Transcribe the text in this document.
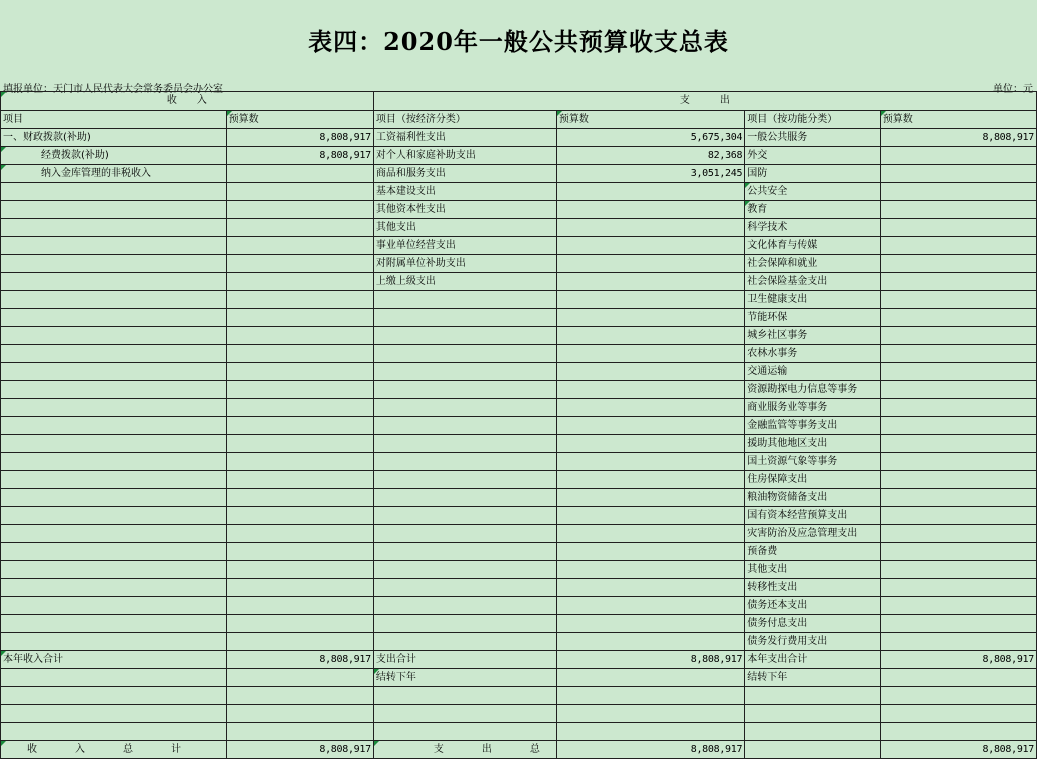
表四：2020年一般公共预算收支总表
填报单位：天门市人民代表大会常务委员会办公室	单位：元
收　　入		支　　　出			
项目	预算数	项目（按经济分类）	预算数	项目（按功能分类）	预算数
一、财政拨款(补助)	8,808,917	工资福利性支出	5,675,304	一般公共服务	8,808,917
经费拨款(补助)	8,808,917	对个人和家庭补助支出	82,368	外交	
纳入金库管理的非税收入		商品和服务支出	3,051,245	国防	
		基本建设支出		公共安全	
		其他资本性支出		教育	
		其他支出		科学技术	
		事业单位经营支出		文化体育与传媒	
		对附属单位补助支出		社会保障和就业	
		上缴上级支出		社会保险基金支出	
				卫生健康支出	
				节能环保	
				城乡社区事务	
				农林水事务	
				交通运输	
				资源勘探电力信息等事务	
				商业服务业等事务	
				金融监管等事务支出	
				援助其他地区支出	
				国土资源气象等事务	
				住房保障支出	
				粮油物资储备支出	
				国有资本经营预算支出	
				灾害防治及应急管理支出	
				预备费	
				其他支出	
				转移性支出	
				债务还本支出	
				债务付息支出	
				债务发行费用支出	
本年收入合计	8,808,917	支出合计	8,808,917	本年支出合计	8,808,917
		结转下年		结转下年	

收　入　总　计	8,808,917	支　出　总	8,808,917		8,808,917
